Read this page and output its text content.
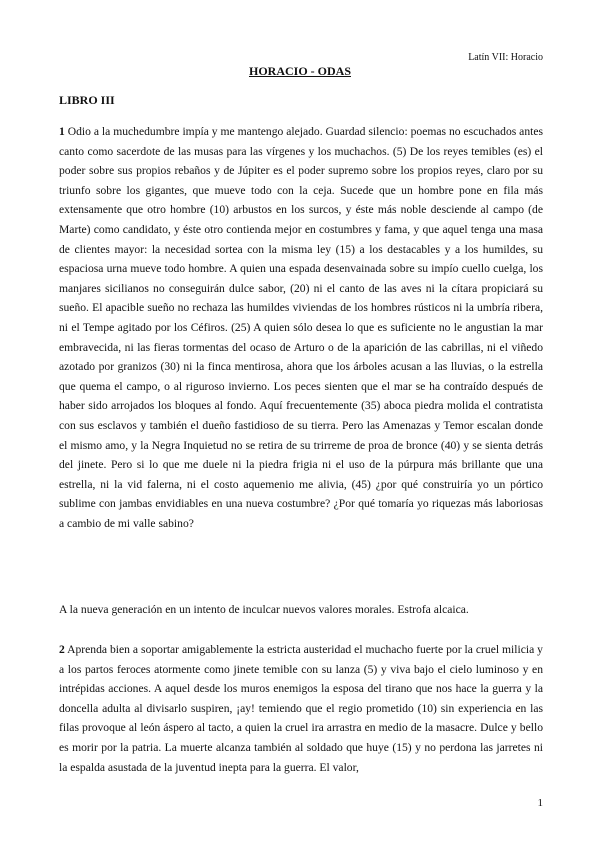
Latín VII: Horacio
HORACIO - ODAS
LIBRO III
1 Odio a la muchedumbre impía y me mantengo alejado. Guardad silencio: poemas no escuchados antes canto como sacerdote de las musas para las vírgenes y los muchachos. (5) De los reyes temibles (es) el poder sobre sus propios rebaños y de Júpiter es el poder supremo sobre los propios reyes, claro por su triunfo sobre los gigantes, que mueve todo con la ceja. Sucede que un hombre pone en fila más extensamente que otro hombre (10) arbustos en los surcos, y éste más noble desciende al campo (de Marte) como candidato, y éste otro contienda mejor en costumbres y fama, y que aquel tenga una masa de clientes mayor: la necesidad sortea con la misma ley (15) a los destacables y a los humildes, su espaciosa urna mueve todo hombre. A quien una espada desenvainada sobre su impío cuello cuelga, los manjares sicilianos no conseguirán dulce sabor, (20) ni el canto de las aves ni la cítara propiciará su sueño. El apacible sueño no rechaza las humildes viviendas de los hombres rústicos ni la umbría ribera, ni el Tempe agitado por los Céfiros. (25) A quien sólo desea lo que es suficiente no le angustian la mar embravecida, ni las fieras tormentas del ocaso de Arturo o de la aparición de las cabrillas, ni el viñedo azotado por granizos (30) ni la finca mentirosa, ahora que los árboles acusan a las lluvias, o la estrella que quema el campo, o al riguroso invierno. Los peces sienten que el mar se ha contraído después de haber sido arrojados los bloques al fondo. Aquí frecuentemente (35) aboca piedra molida el contratista con sus esclavos y también el dueño fastidioso de su tierra. Pero las Amenazas y Temor escalan donde el mismo amo, y la Negra Inquietud no se retira de su trirreme de proa de bronce (40) y se sienta detrás del jinete. Pero si lo que me duele ni la piedra frigia ni el uso de la púrpura más brillante que una estrella, ni la vid falerna, ni el costo aquemenio me alivia, (45) ¿por qué construiría yo un pórtico sublime con jambas envidiables en una nueva costumbre? ¿Por qué tomaría yo riquezas más laboriosas a cambio de mi valle sabino?
A la nueva generación en un intento de inculcar nuevos valores morales. Estrofa alcaica.
2 Aprenda bien a soportar amigablemente la estricta austeridad el muchacho fuerte por la cruel milicia y a los partos feroces atormente como jinete temible con su lanza (5) y viva bajo el cielo luminoso y en intrépidas acciones. A aquel desde los muros enemigos la esposa del tirano que nos hace la guerra y la doncella adulta al divisarlo suspiren, ¡ay! temiendo que el regio prometido (10) sin experiencia en las filas provoque al león áspero al tacto, a quien la cruel ira arrastra en medio de la masacre. Dulce y bello es morir por la patria. La muerte alcanza también al soldado que huye (15) y no perdona las jarretes ni la espalda asustada de la juventud inepta para la guerra. El valor,
1
